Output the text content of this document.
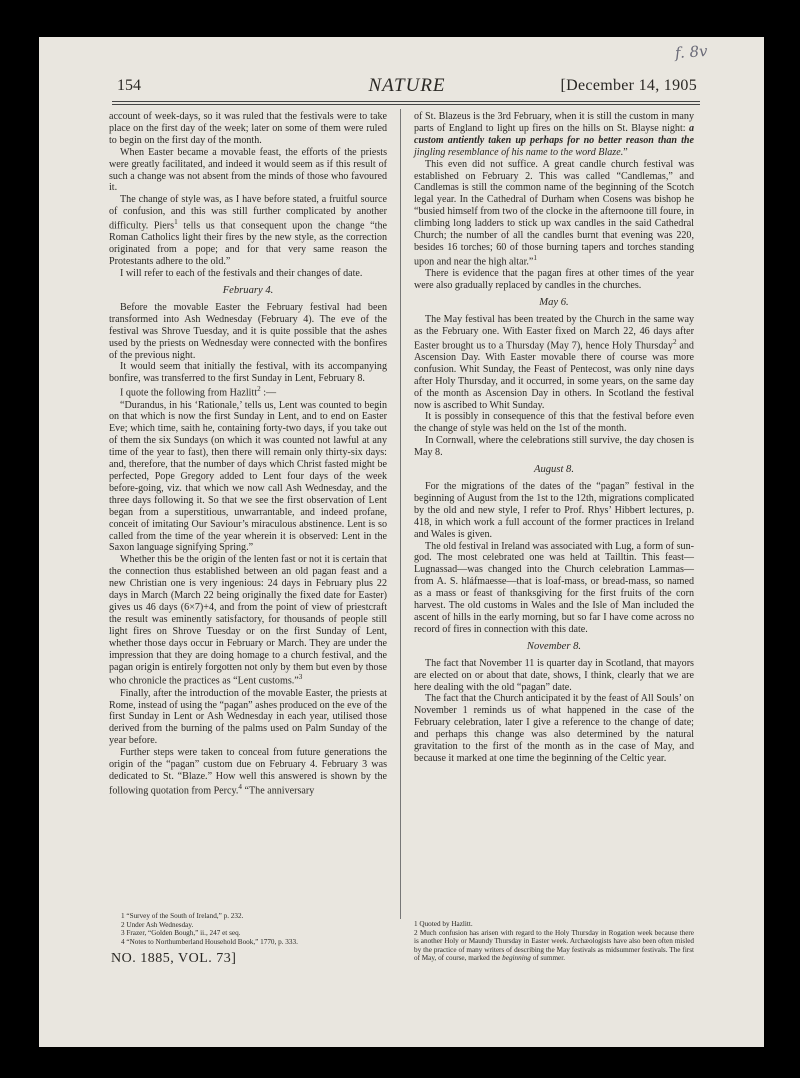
f. 8v
154	NATURE	[December 14, 1905

account of week-days, so it was ruled that the festivals were to take place on the first day of the week; later on some of them were ruled to begin on the first day of the month.

When Easter became a movable feast, the efforts of the priests were greatly facilitated, and indeed it would seem as if this result of such a change was not absent from the minds of those who favoured it.

The change of style was, as I have before stated, a fruitful source of confusion, and this was still further complicated by another difficulty. Piers$^1$ tells us that consequent upon the change “the Roman Catholics light their fires by the new style, as the correction originated from a pope; and for that very same reason the Protestants adhere to the old.”

I will refer to each of the festivals and their changes of date.

February 4.

Before the movable Easter the February festival had been transformed into Ash Wednesday (February 4). The eve of the festival was Shrove Tuesday, and it is quite possible that the ashes used by the priests on Wednesday were connected with the bonfires of the previous night.

It would seem that initially the festival, with its accompanying bonfire, was transferred to the first Sunday in Lent, February 8.

I quote the following from Hazlitt$^2$ :—

“Durandus, in his ‘Rationale,’ tells us, Lent was counted to begin on that which is now the first Sunday in Lent, and to end on Easter Eve; which time, saith he, containing forty-two days, if you take out of them the six Sundays (on which it was counted not lawful at any time of the year to fast), then there will remain only thirty-six days: and, therefore, that the number of days which Christ fasted might be perfected, Pope Gregory added to Lent four days of the week before-going, viz. that which we now call Ash Wednesday, and the three days following it. So that we see the first observation of Lent began from a superstitious, unwarrantable, and indeed profane, conceit of imitating Our Saviour’s miraculous abstinence. Lent is so called from the time of the year wherein it is observed: Lent in the Saxon language signifying Spring.”

Whether this be the origin of the lenten fast or not it is certain that the connection thus established between an old pagan feast and a new Christian one is very ingenious: 24 days in February plus 22 days in March (March 22 being originally the fixed date for Easter) gives us 46 days (6×7)+4, and from the point of view of priestcraft the result was eminently satisfactory, for thousands of people still light fires on Shrove Tuesday or on the first Sunday of Lent, whether those days occur in February or March. They are under the impression that they are doing homage to a church festival, and the pagan origin is entirely forgotten not only by them but even by those who chronicle the practices as “Lent customs.”$^3$

Finally, after the introduction of the movable Easter, the priests at Rome, instead of using the “pagan” ashes produced on the eve of the first Sunday in Lent or Ash Wednesday in each year, utilised those derived from the burning of the palms used on Palm Sunday of the year before.

Further steps were taken to conceal from future generations the origin of the “pagan” custom due on February 4. February 3 was dedicated to St. “Blaze.” How well this answered is shown by the following quotation from Percy.$^4$ “The anniversary

1 “Survey of the South of Ireland,” p. 232.
2 Under Ash Wednesday.
3 Frazer, “Golden Bough,” ii., 247 et seq.
4 “Notes to Northumberland Household Book,” 1770, p. 333.
NO. 1885, VOL. 73]

of St. Blazeus is the 3rd February, when it is still the custom in many parts of England to light up fires on the hills on St. Blayse night: a custom antiently taken up perhaps for no better reason than the jingling resemblance of his name to the word Blaze.”

This even did not suffice. A great candle church festival was established on February 2. This was called “Candlemas,” and Candlemas is still the common name of the beginning of the Scotch legal year. In the Cathedral of Durham when Cosens was bishop he “busied himself from two of the clocke in the afternoone till foure, in climbing long ladders to stick up wax candles in the said Cathedral Church; the number of all the candles burnt that evening was 220, besides 16 torches; 60 of those burning tapers and torches standing upon and near the high altar.”$^1$

There is evidence that the pagan fires at other times of the year were also gradually replaced by candles in the churches.

May 6.

The May festival has been treated by the Church in the same way as the February one. With Easter fixed on March 22, 46 days after Easter brought us to a Thursday (May 7), hence Holy Thursday$^2$ and Ascension Day. With Easter movable there of course was more confusion. Whit Sunday, the Feast of Pentecost, was only nine days after Holy Thursday, and it occurred, in some years, on the same day of the month as Ascension Day in others. In Scotland the festival now is ascribed to Whit Sunday.

It is possibly in consequence of this that the festival before even the change of style was held on the 1st of the month.

In Cornwall, where the celebrations still survive, the day chosen is May 8.

August 8.

For the migrations of the dates of the “pagan” festival in the beginning of August from the 1st to the 12th, migrations complicated by the old and new style, I refer to Prof. Rhys’ Hibbert lectures, p. 418, in which work a full account of the former practices in Ireland and Wales is given.

The old festival in Ireland was associated with Lug, a form of sun-god. The most celebrated one was held at Tailltin. This feast—Lugnassad—was changed into the Church celebration Lammas—from A. S. hláfmaesse—that is loaf-mass, or bread-mass, so named as a mass or feast of thanksgiving for the first fruits of the corn harvest. The old customs in Wales and the Isle of Man included the ascent of hills in the early morning, but so far I have come across no record of fires in connection with this date.

November 8.

The fact that November 11 is quarter day in Scotland, that mayors are elected on or about that date, shows, I think, clearly that we are here dealing with the old “pagan” date.

The fact that the Church anticipated it by the feast of All Souls’ on November 1 reminds us of what happened in the case of the February celebration, later I give a reference to the change of date; and perhaps this change was also determined by the natural gravitation to the first of the month as in the case of May, and because it marked at one time the beginning of the Celtic year.

1 Quoted by Hazlitt.
2 Much confusion has arisen with regard to the Holy Thursday in Rogation week because there is another Holy or Maundy Thursday in Easter week. Archæologists have also been often misled by the practice of many writers of describing the May festivals as midsummer festivals. The first of May, of course, marked the beginning of summer.
